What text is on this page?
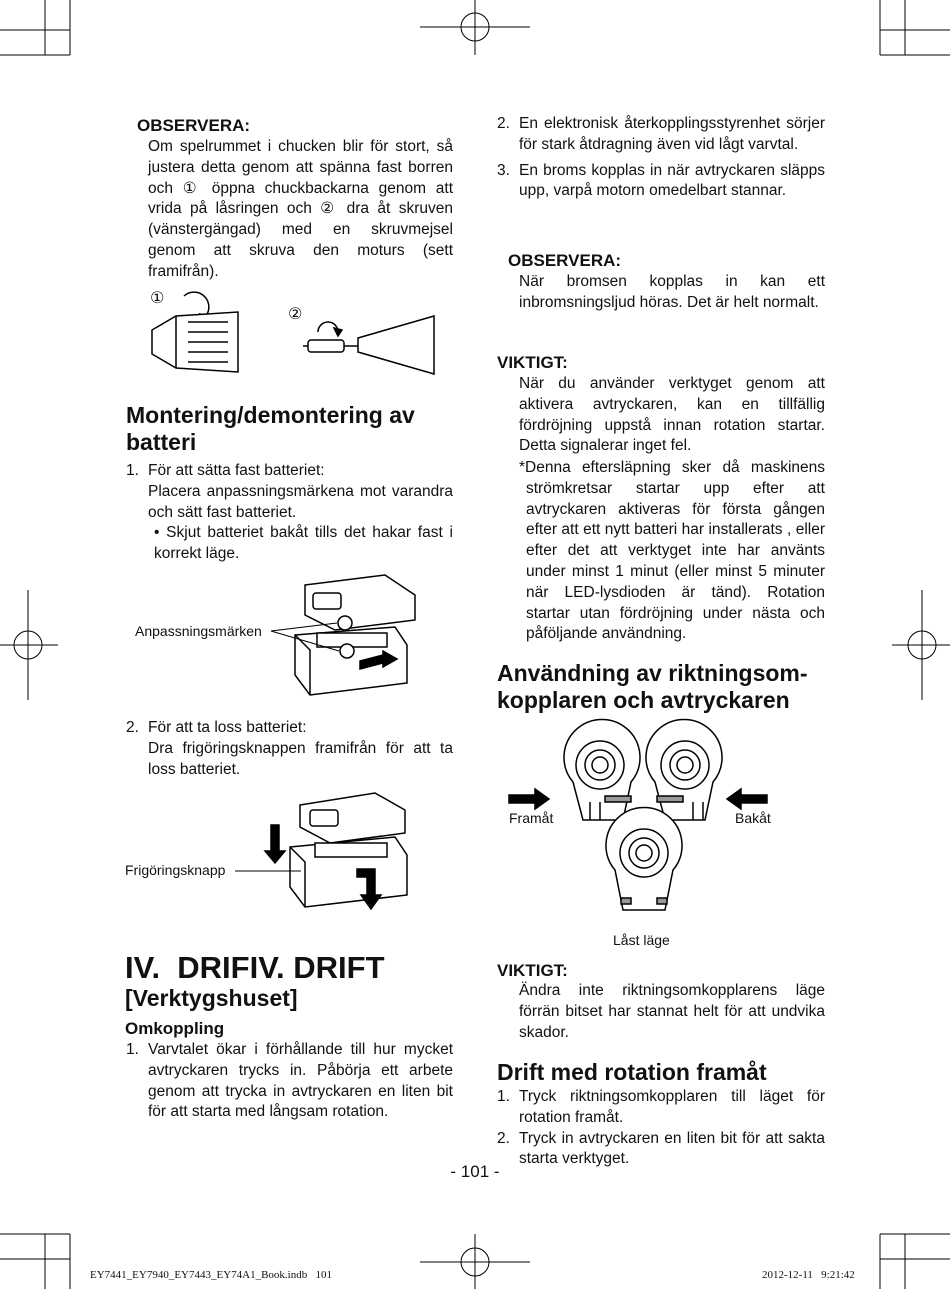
OBSERVERA:

Om spelrummet i chucken blir för stort, så justera detta genom att spänna fast borren och ① öppna chuckbackarna genom att vrida på låsringen och ② dra åt skruven (vänstergängad) med en skruvmejsel genom att skruva den moturs (sett framifrån).

①
②
Montering/demontering av batteri
1. För att sätta fast batteriet:
Placera anpassningsmärkena mot varandra och sätt fast batteriet.
• Skjut batteriet bakåt tills det hakar fast i korrekt läge.
Anpassningsmärken
2. För att ta loss batteriet:
Dra frigöringsknappen framifrån för att ta loss batteriet.
Frigöringsknapp
IV.  DRIFIV. DRIFT
[Verktygshuset]
Omkoppling
1. Varvtalet ökar i förhållande till hur mycket avtryckaren trycks in. Påbörja ett arbete genom att trycka in avtryckaren en liten bit för att starta med långsam rotation.
2. En elektronisk återkopplingsstyrenhet sörjer för stark åtdragning även vid lågt varvtal.
3. En broms kopplas in när avtryckaren släpps upp, varpå motorn omedelbart stannar.
OBSERVERA:

När bromsen kopplas in kan ett inbromsningsljud höras. Det är helt normalt.

VIKTIGT:

När du använder verktyget genom att aktivera avtryckaren, kan en tillfällig fördröjning uppstå innan rotation startar. Detta signalerar inget fel.

*Denna eftersläpning sker då maskinens strömkretsar startar upp efter att avtryckaren aktiveras för första gången efter att ett nytt batteri har installerats , eller efter det att verktyget inte har använts under minst 1 minut (eller minst 5 minuter när LED-lysdioden är tänd). Rotation startar utan fördröjning under nästa och påföljande användning.

Användning av riktningsom-kopplaren och avtryckaren
Framåt	Bakåt
Låst läge
VIKTIGT:

Ändra inte riktningsomkopplarens läge förrän bitset har stannat helt för att undvika skador.

Drift med rotation framåt
1. Tryck riktningsomkopplaren till läget för rotation framåt.
2. Tryck in avtryckaren en liten bit för att sakta starta verktyget.
- 101 -
EY7441_EY7940_EY7443_EY74A1_Book.indb   101	2012-12-11   9:21:42
